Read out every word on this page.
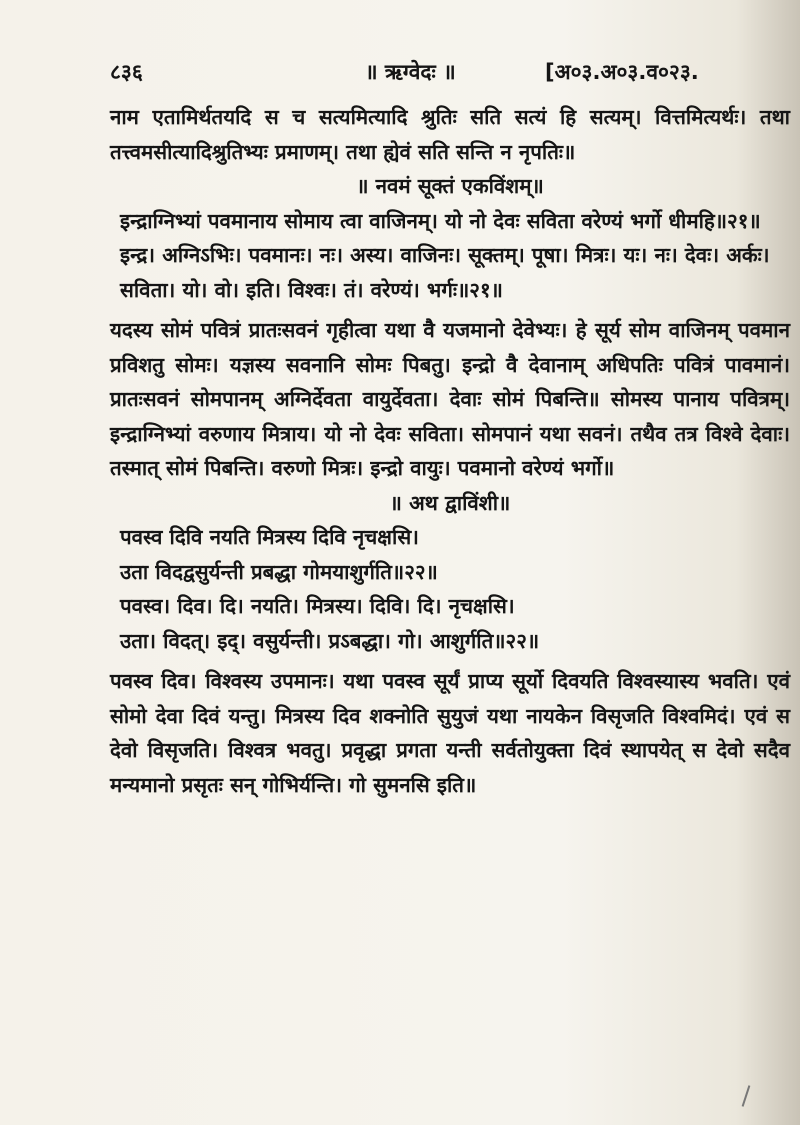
८३६	॥ ऋग्वेदः ॥	[अ०३.अ०३.व०२३.

नाम एतामिर्थतयदि स च सत्यमित्यादि श्रुतिः सति सत्यं हि सत्यम्। वित्तमित्यर्थः। तथा तत्त्वमसीत्यादिश्रुतिभ्यः प्रमाणम्। तथा ह्येवं सति सन्ति न नृपतिः॥

॥ नवमं सूक्तं एकविंशम्॥

इन्द्राग्निभ्यां पवमानाय सोमाय त्वा वाजिनम्। यो नो देवः सविता वरेण्यं भर्गो धीमहि॥२१॥

इन्द्र। अग्निऽभिः। पवमानः। नः। अस्य। वाजिनः। सूक्तम्। पूषा। मित्रः। यः। नः। देवः। अर्कः। सविता। यो। वो। इति। विश्वः। तं। वरेण्यं। भर्गः॥२१॥

यदस्य सोमं पवित्रं प्रातःसवनं गृहीत्वा यथा वै यजमानो देवेभ्यः। हे सूर्य सोम वाजिनम् पवमान प्रविशतु सोमः। यज्ञस्य सवनानि सोमः पिबतु। इन्द्रो वै देवानाम् अधिपतिः पवित्रं पावमानं। प्रातःसवनं सोमपानम् अग्निर्देवता वायुर्देवता। देवाः सोमं पिबन्ति॥ सोमस्य पानाय पवित्रम्। इन्द्राग्निभ्यां वरुणाय मित्राय। यो नो देवः सविता। सोमपानं यथा सवनं। तथैव तत्र विश्वे देवाः। तस्मात् सोमं पिबन्ति। वरुणो मित्रः। इन्द्रो वायुः। पवमानो वरेण्यं भर्गो॥

॥ अथ द्वाविंशी॥

पवस्व दिवि नयति मित्रस्य दिवि नृचक्षसि।

उता विदद्वसुर्यन्ती प्रबद्धा गोमयाशुर्गति॥२२॥

पवस्व। दिव। दि। नयति। मित्रस्य। दिवि। दि। नृचक्षसि।

उता। विदत्। इद्। वसुर्यन्ती। प्रऽबद्धा। गो। आशुर्गति॥२२॥

पवस्व दिव। विश्वस्य उपमानः। यथा पवस्व सूर्यं प्राप्य सूर्यो दिवयति विश्वस्यास्य भवति। एवं सोमो देवा दिवं यन्तु। मित्रस्य दिव शक्नोति सुयुजं यथा नायकेन विसृजति विश्वमिदं। एवं स देवो विसृजति। विश्वत्र भवतु। प्रवृद्धा प्रगता यन्ती सर्वतोयुक्ता दिवं स्थापयेत् स देवो सदैव मन्यमानो प्रसृतः सन् गोभिर्यन्ति। गो सुमनसि इति॥
